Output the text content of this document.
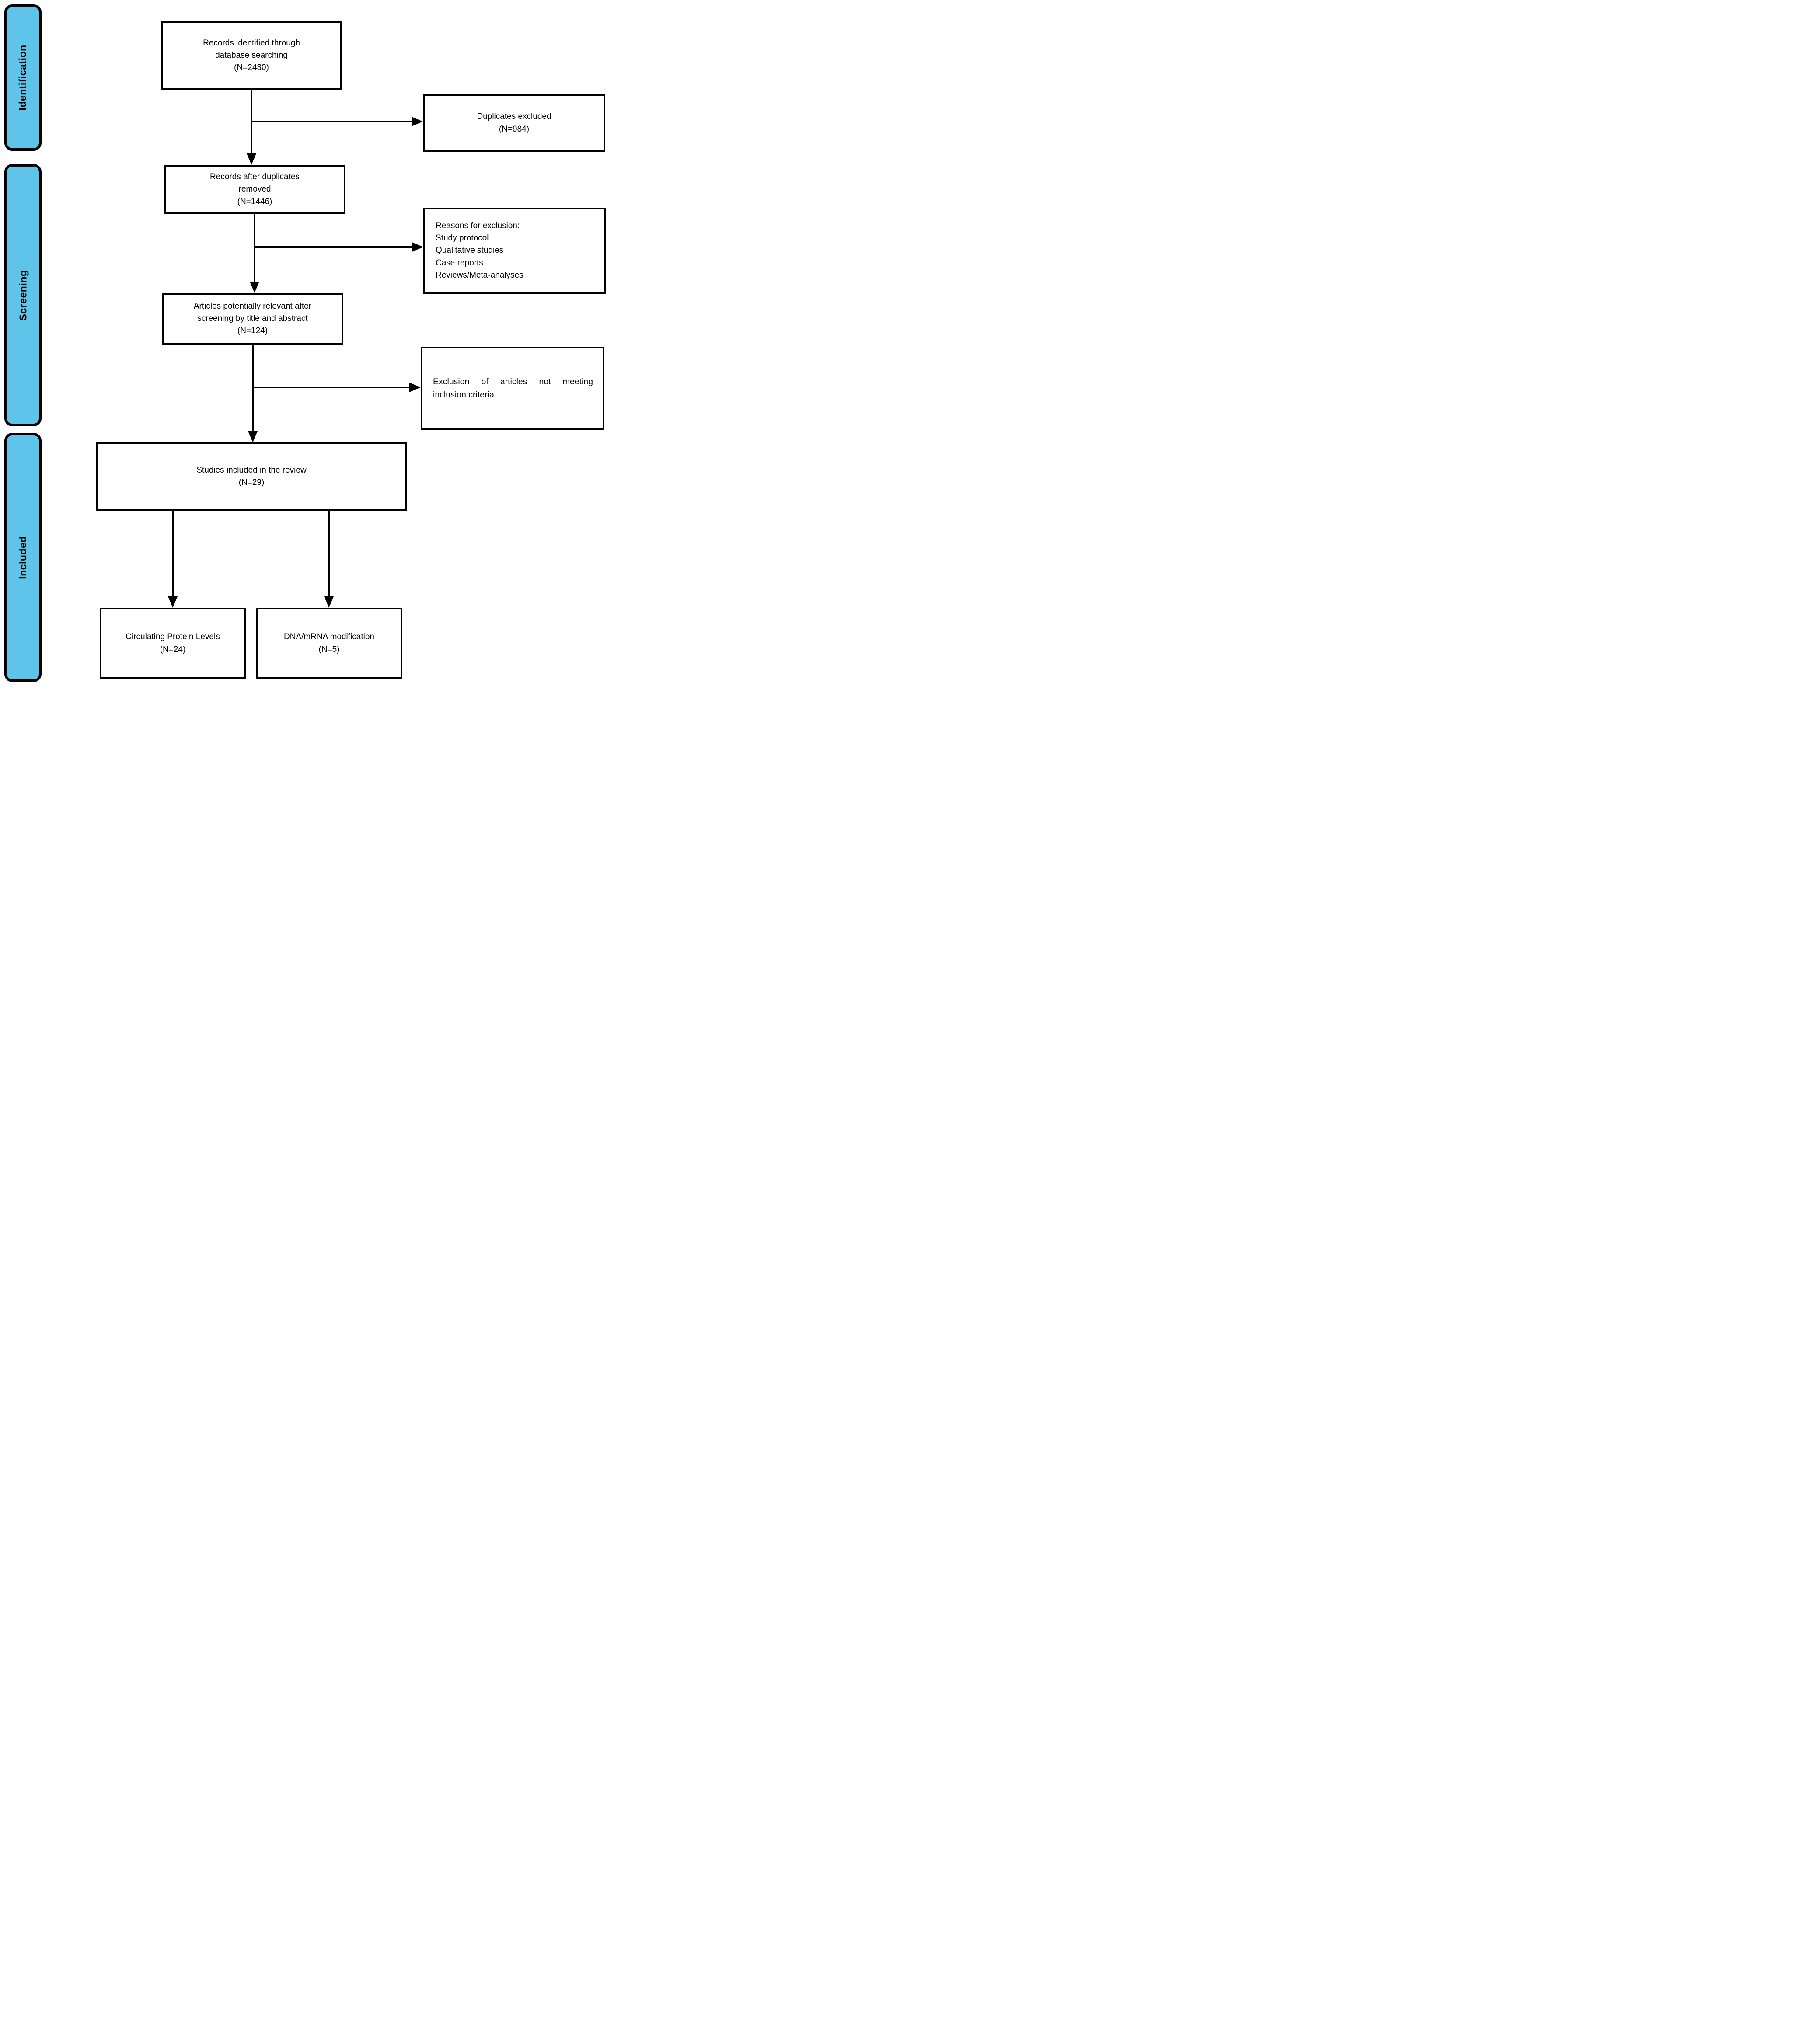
Identification
Screening
Included
Records identified through
database searching
(N=2430)
Duplicates excluded
(N=984)
Records after duplicates
removed
(N=1446)
Reasons for exclusion:
Study protocol
Qualitative studies
Case reports
Reviews/Meta-analyses
Articles potentially relevant after
screening by title and abstract
(N=124)
Exclusion of articles not meeting
inclusion criteria
Studies included in the review
(N=29)
Circulating Protein Levels
(N=24)
DNA/mRNA modification
(N=5)
